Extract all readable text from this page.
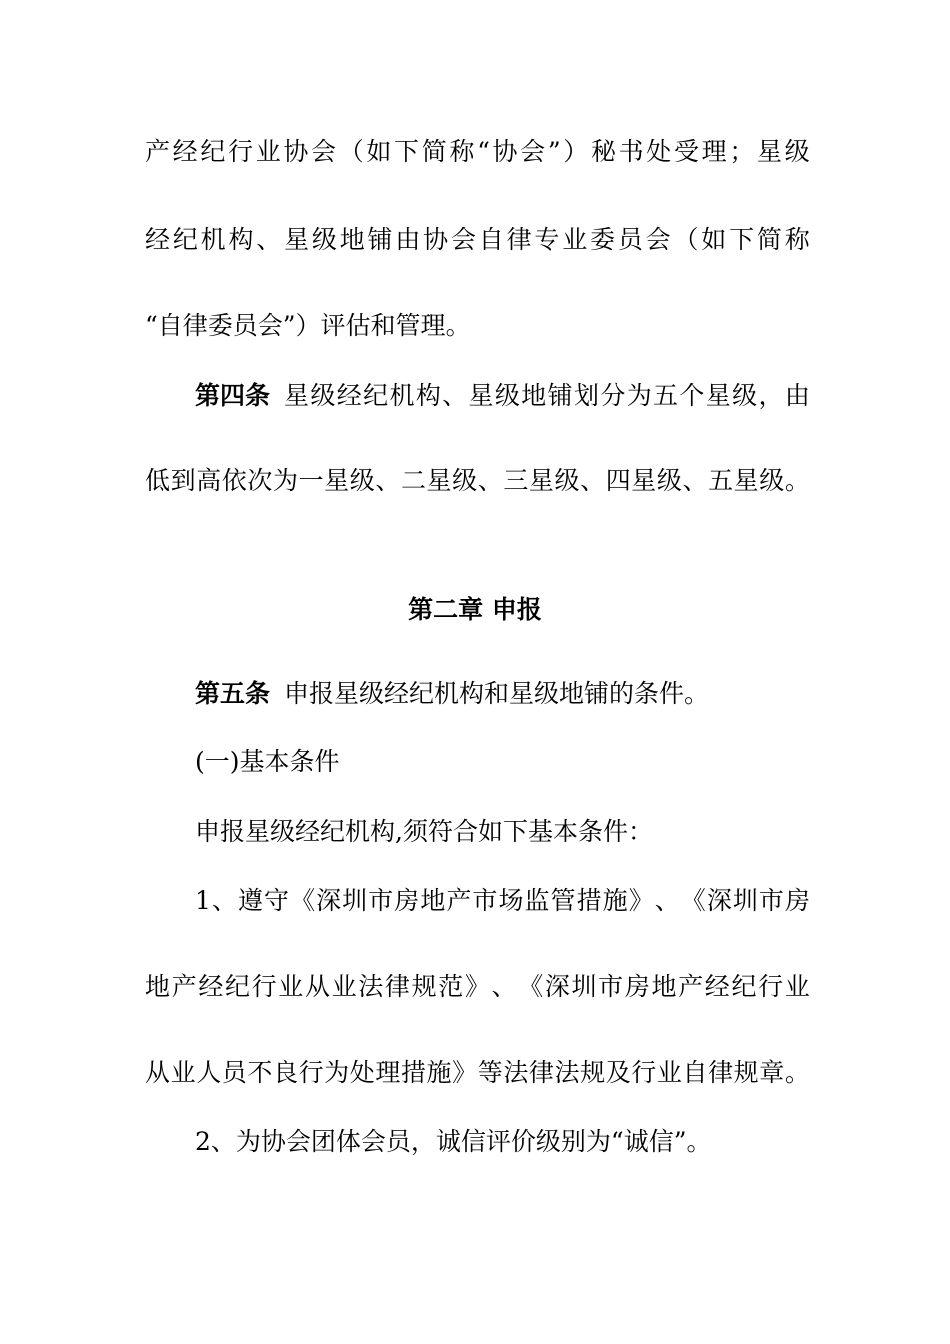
产 经 纪 行 业 协 会 （ 如 下 简 称 “ 协 会 ” ） 秘 书 处 受 理 ； 星 级
经 纪 机 构 、 星 级 地 铺 由 协 会 自 律 专 业 委 员 会 （ 如 下 简 称
“自律委员会”）评估和管理。
第四条 星 级 经 纪 机 构 、 星 级 地 铺 划 分 为 五 个 星 级 ， 由
低 到 高 依 次 为 一 星 级 、 二 星 级 、 三 星 级 、 四 星 级 、 五 星 级 。
第二章 申报
第五条 申报星级经纪机构和星级地铺的条件。
(一)基本条件
申报星级经纪机构,须符合如下基本条件：
1 、 遵 守 《 深 圳 市 房 地 产 市 场 监 管 措 施 》 、 《 深 圳 市 房
地 产 经 纪 行 业 从 业 法 律 规 范 》 、 《 深 圳 市 房 地 产 经 纪 行 业
从 业 人 员 不 良 行 为 处 理 措 施 》 等 法 律 法 规 及 行 业 自 律 规 章 。
2、为协会团体会员，诚信评价级别为“诚信”。
